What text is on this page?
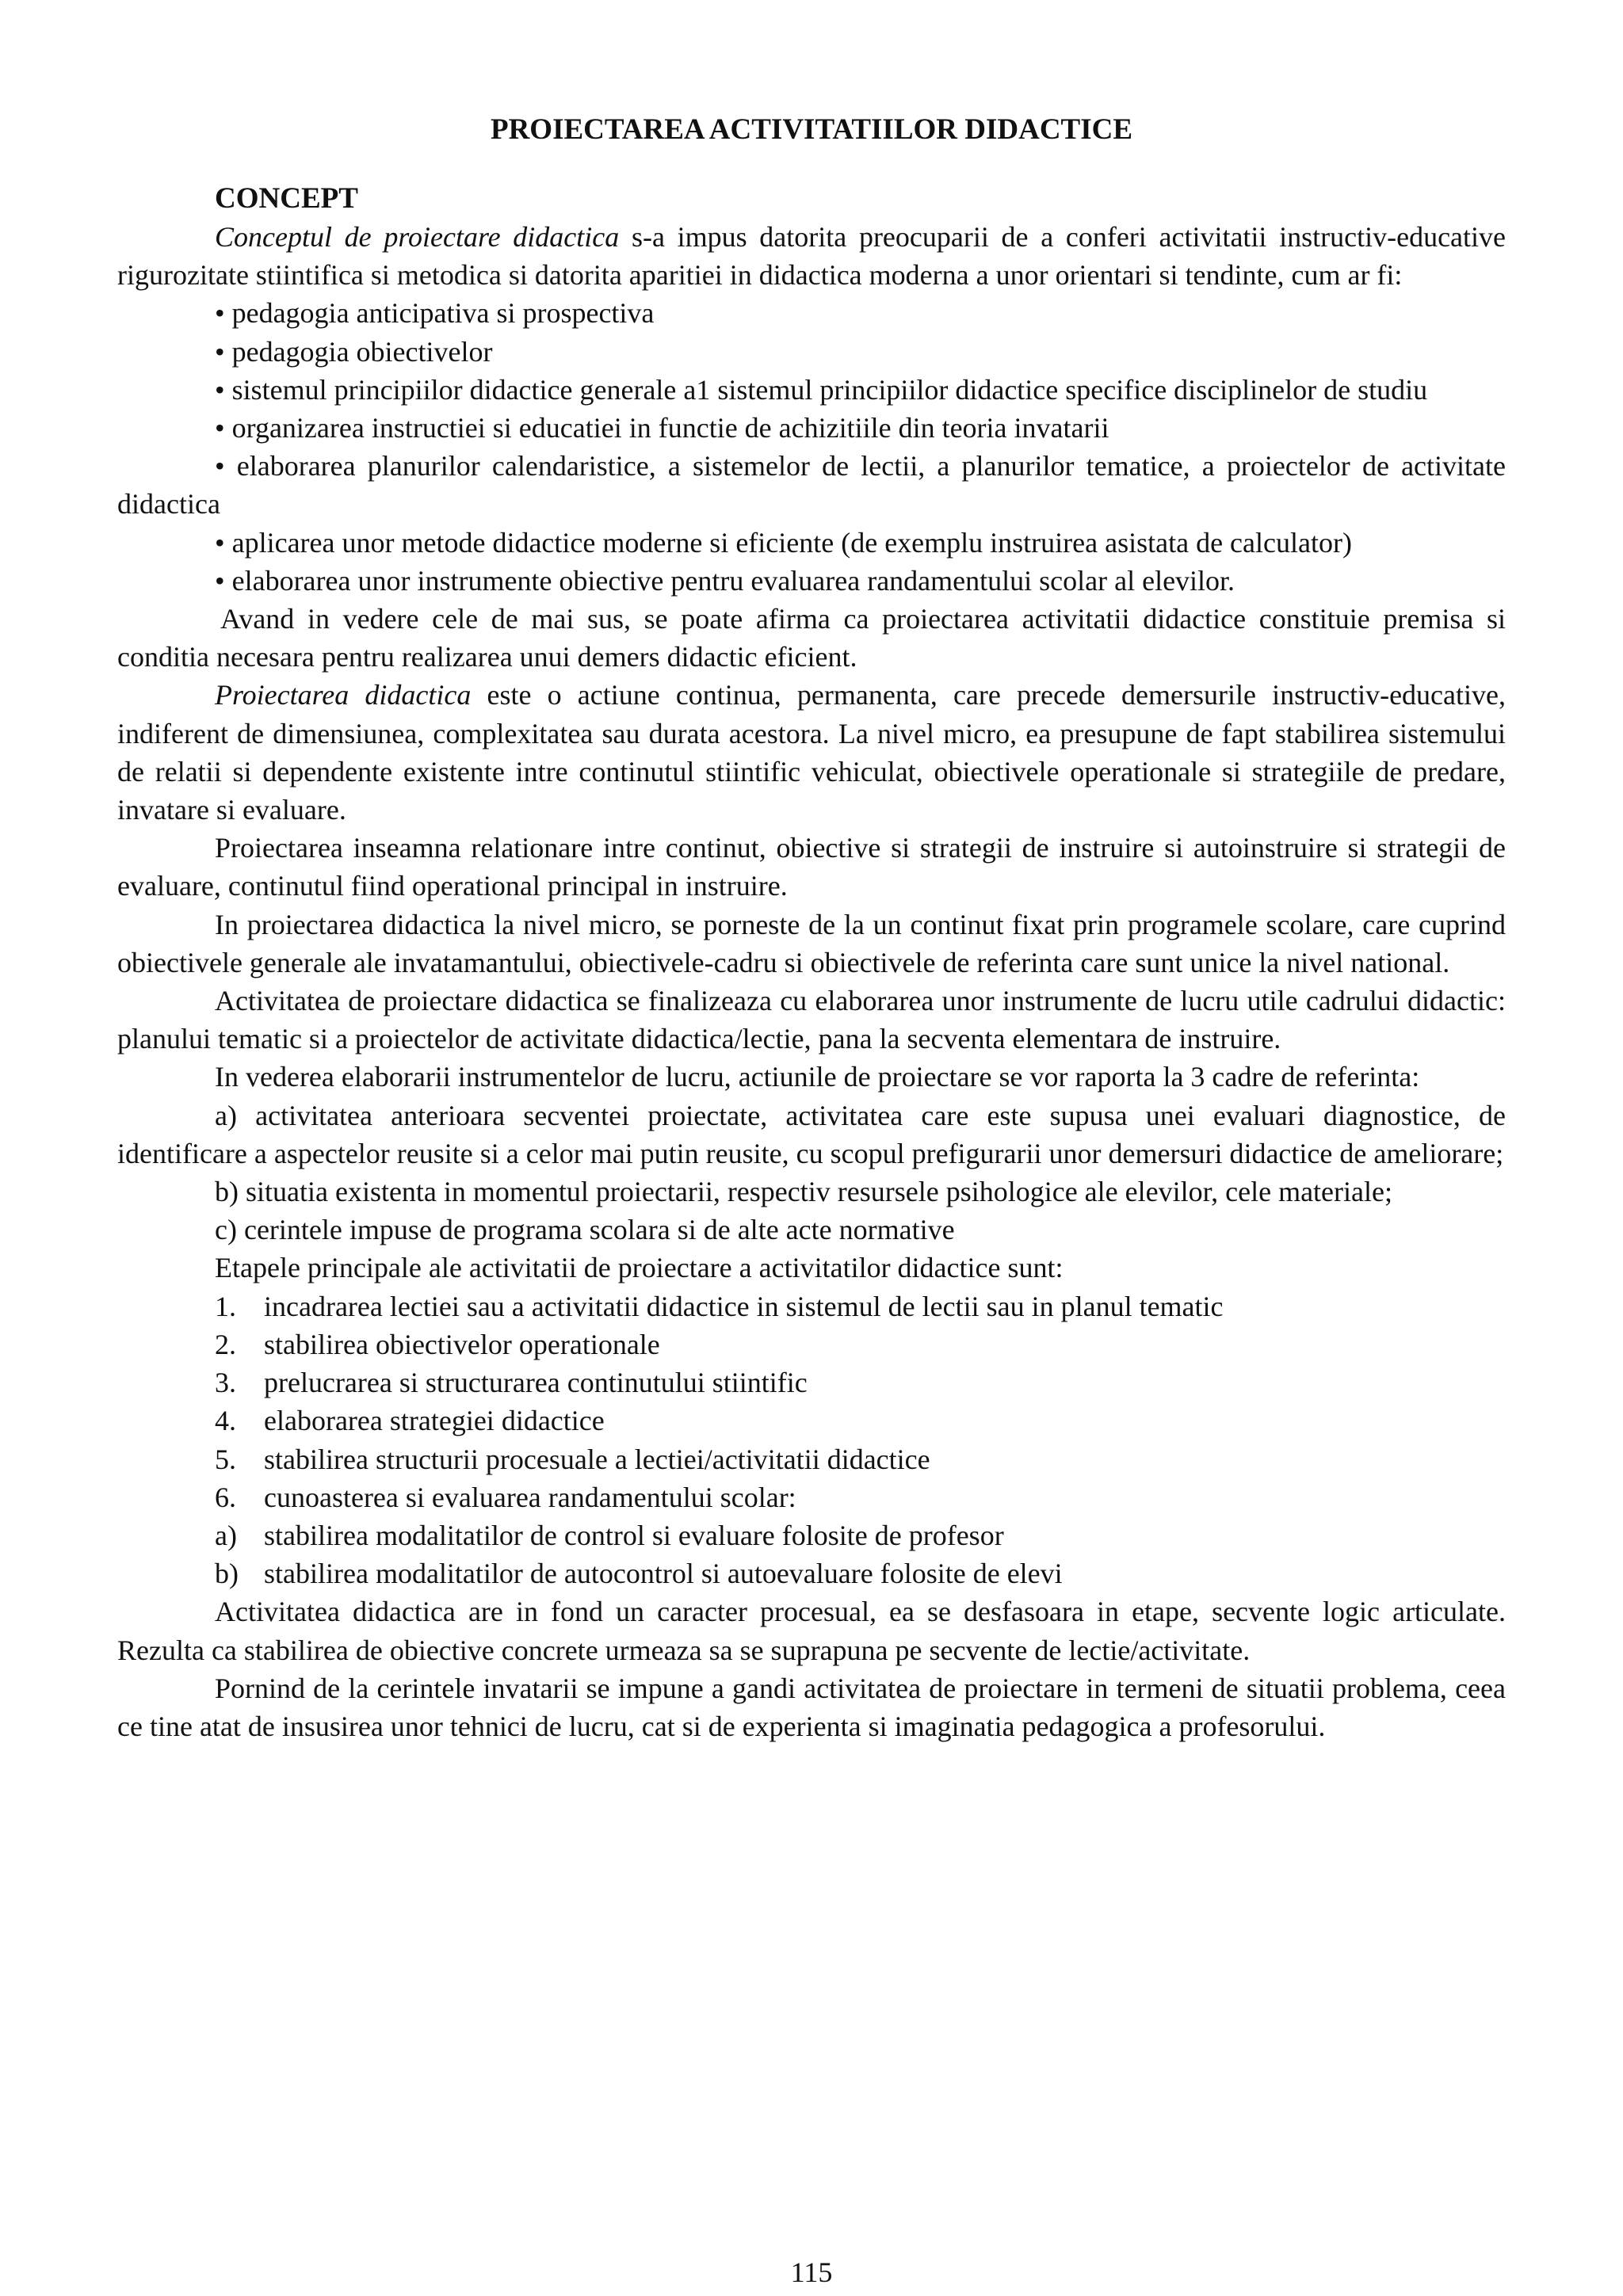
PROIECTAREA ACTIVITATIILOR DIDACTICE

CONCEPT

Conceptul de proiectare didactica s-a impus datorita preocuparii de a conferi activitatii instructiv-educative rigurozitate stiintifica si metodica si datorita aparitiei in didactica moderna a unor orientari si tendinte, cum ar fi:

• pedagogia anticipativa si prospectiva

• pedagogia obiectivelor

• sistemul principiilor didactice generale a1 sistemul principiilor didactice specifice disciplinelor de studiu

• organizarea instructiei si educatiei in functie de achizitiile din teoria invatarii

• elaborarea planurilor calendaristice, a sistemelor de lectii, a planurilor tematice, a proiectelor de activitate didactica

• aplicarea unor metode didactice moderne si eficiente (de exemplu instruirea asistata de calculator)

• elaborarea unor instrumente obiective pentru evaluarea randamentului scolar al elevilor.

Avand in vedere cele de mai sus, se poate afirma ca proiectarea activitatii didactice constituie premisa si conditia necesara pentru realizarea unui demers didactic eficient.

Proiectarea didactica este o actiune continua, permanenta, care precede demersurile instructiv-educative, indiferent de dimensiunea, complexitatea sau durata acestora. La nivel micro, ea presupune de fapt stabilirea sistemului de relatii si dependente existente intre continutul stiintific vehiculat, obiectivele operationale si strategiile de predare, invatare si evaluare.

Proiectarea inseamna relationare intre continut, obiective si strategii de instruire si autoinstruire si strategii de evaluare, continutul fiind operational principal in instruire.

In proiectarea didactica la nivel micro, se porneste de la un continut fixat prin programele scolare, care cuprind obiectivele generale ale invatamantului, obiectivele-cadru si obiectivele de referinta care sunt unice la nivel national.

Activitatea de proiectare didactica se finalizeaza cu elaborarea unor instrumente de lucru utile cadrului didactic: planului tematic si a proiectelor de activitate didactica/lectie, pana la secventa elementara de instruire.

In vederea elaborarii instrumentelor de lucru, actiunile de proiectare se vor raporta la 3 cadre de referinta:

a) activitatea anterioara secventei proiectate, activitatea care este supusa unei evaluari diagnostice, de identificare a aspectelor reusite si a celor mai putin reusite, cu scopul prefigurarii unor demersuri didactice de ameliorare;

b) situatia existenta in momentul proiectarii, respectiv resursele psihologice ale elevilor, cele materiale;

c) cerintele impuse de programa scolara si de alte acte normative

Etapele principale ale activitatii de proiectare a activitatilor didactice sunt:

1. incadrarea lectiei sau a activitatii didactice in sistemul de lectii sau in planul tematic

2. stabilirea obiectivelor operationale

3. prelucrarea si structurarea continutului stiintific

4. elaborarea strategiei didactice

5. stabilirea structurii procesuale a lectiei/activitatii didactice

6. cunoasterea si evaluarea randamentului scolar:

a) stabilirea modalitatilor de control si evaluare folosite de profesor

b) stabilirea modalitatilor de autocontrol si autoevaluare folosite de elevi

Activitatea didactica are in fond un caracter procesual, ea se desfasoara in etape, secvente logic articulate. Rezulta ca stabilirea de obiective concrete urmeaza sa se suprapuna pe secvente de lectie/activitate.

Pornind de la cerintele invatarii se impune a gandi activitatea de proiectare in termeni de situatii problema, ceea ce tine atat de insusirea unor tehnici de lucru, cat si de experienta si imaginatia pedagogica a profesorului.

115
